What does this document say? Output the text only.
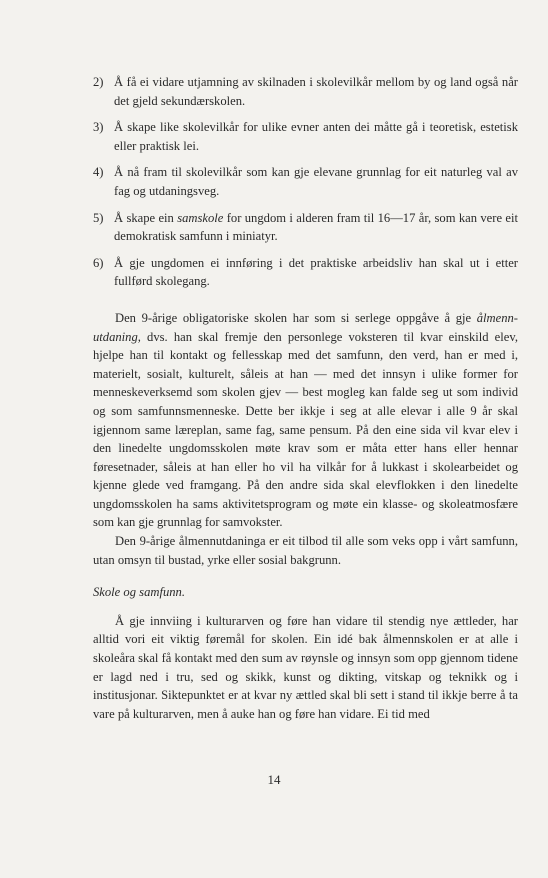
2) Å få ei vidare utjamning av skilnaden i skolevilkår mellom by og land også når det gjeld sekundærskolen.
3) Å skape like skolevilkår for ulike evner anten dei måtte gå i teoretisk, estetisk eller praktisk lei.
4) Å nå fram til skolevilkår som kan gje elevane grunnlag for eit naturleg val av fag og utdaningsveg.
5) Å skape ein samskole for ungdom i alderen fram til 16—17 år, som kan vere eit demokratisk samfunn i miniatyr.
6) Å gje ungdomen ei innføring i det praktiske arbeidsliv han skal ut i etter fullførd skolegang.

Den 9-årige obligatoriske skolen har som si serlege oppgåve å gje ålmenn-utdaning, dvs. han skal fremje den personlege voksteren til kvar einskild elev, hjelpe han til kontakt og fellesskap med det samfunn, den verd, han er med i, materielt, sosialt, kulturelt, såleis at han — med det innsyn i ulike former for menneskeverksemd som skolen gjev — best mogleg kan falde seg ut som individ og som samfunnsmenneske. Dette ber ikkje i seg at alle elevar i alle 9 år skal igjennom same læreplan, same fag, same pensum. På den eine sida vil kvar elev i den linedelte ungdomsskolen møte krav som er måta etter hans eller hennar føresetnader, såleis at han eller ho vil ha vilkår for å lukkast i skolearbeidet og kjenne glede ved framgang. På den andre sida skal elevflokken i den linedelte ungdomsskolen ha sams aktivitetsprogram og møte ein klasse- og skoleatmosfære som kan gje grunnlag for samvokster.

Den 9-årige ålmennutdaninga er eit tilbod til alle som veks opp i vårt samfunn, utan omsyn til bustad, yrke eller sosial bakgrunn.

Skole og samfunn.

Å gje innviing i kulturarven og føre han vidare til stendig nye ættleder, har alltid vori eit viktig føremål for skolen. Ein idé bak ålmennskolen er at alle i skoleåra skal få kontakt med den sum av røynsle og innsyn som opp gjennom tidene er lagd ned i tru, sed og skikk, kunst og dikting, vitskap og teknikk og i institusjonar. Siktepunktet er at kvar ny ættled skal bli sett i stand til ikkje berre å ta vare på kulturarven, men å auke han og føre han vidare. Ei tid med

14
